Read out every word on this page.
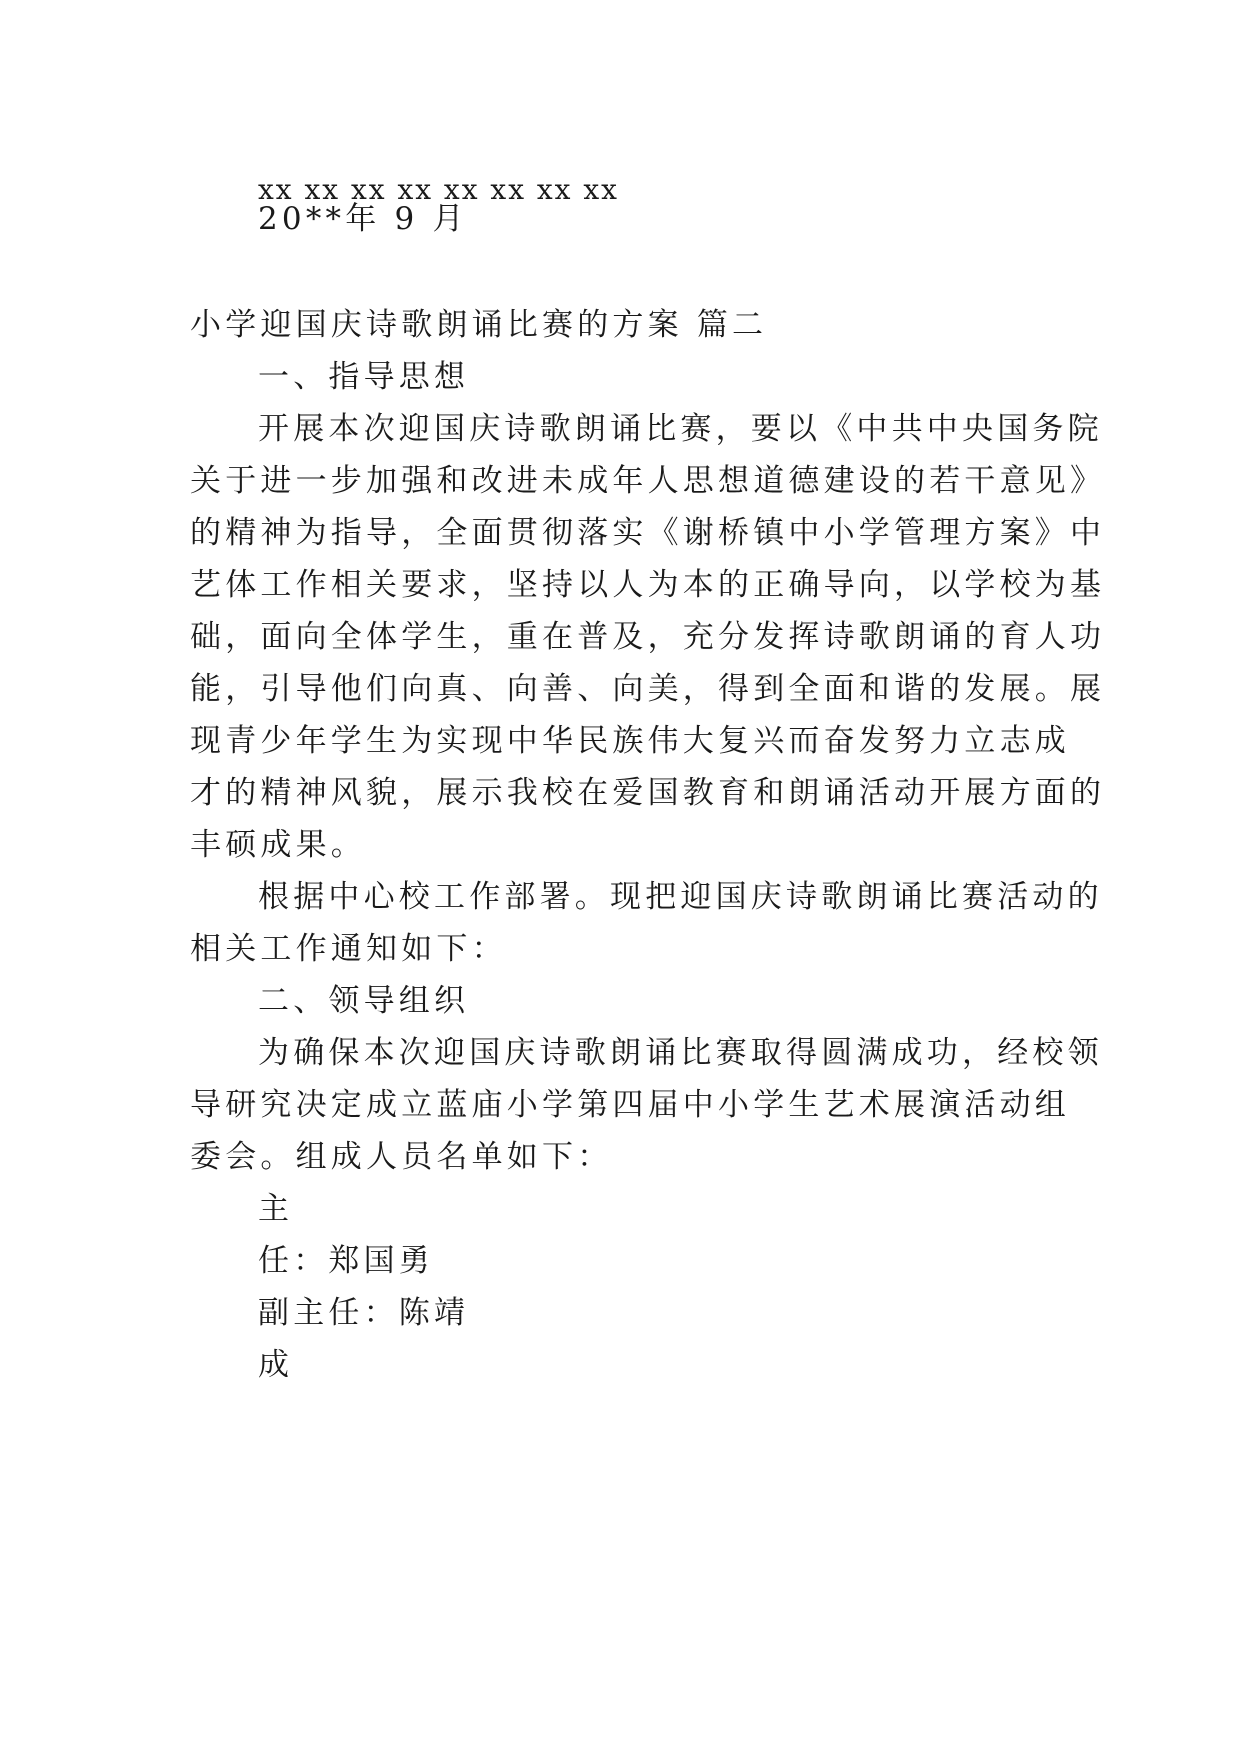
xx xx xx xx xx xx xx xx
20**年 9 月
小学迎国庆诗歌朗诵比赛的方案 篇二
一、指导思想
开展本次迎国庆诗歌朗诵比赛，要以《中共中央国务院
关于进一步加强和改进未成年人思想道德建设的若干意见》
的精神为指导，全面贯彻落实《谢桥镇中小学管理方案》中
艺体工作相关要求，坚持以人为本的正确导向，以学校为基
础，面向全体学生，重在普及，充分发挥诗歌朗诵的育人功
能，引导他们向真、向善、向美，得到全面和谐的发展。展
现青少年学生为实现中华民族伟大复兴而奋发努力立志成
才的精神风貌，展示我校在爱国教育和朗诵活动开展方面的
丰硕成果。
根据中心校工作部署。现把迎国庆诗歌朗诵比赛活动的
相关工作通知如下：
二、领导组织
为确保本次迎国庆诗歌朗诵比赛取得圆满成功，经校领
导研究决定成立蓝庙小学第四届中小学生艺术展演活动组
委会。组成人员名单如下：
主
任：郑国勇
副主任：陈靖
成
